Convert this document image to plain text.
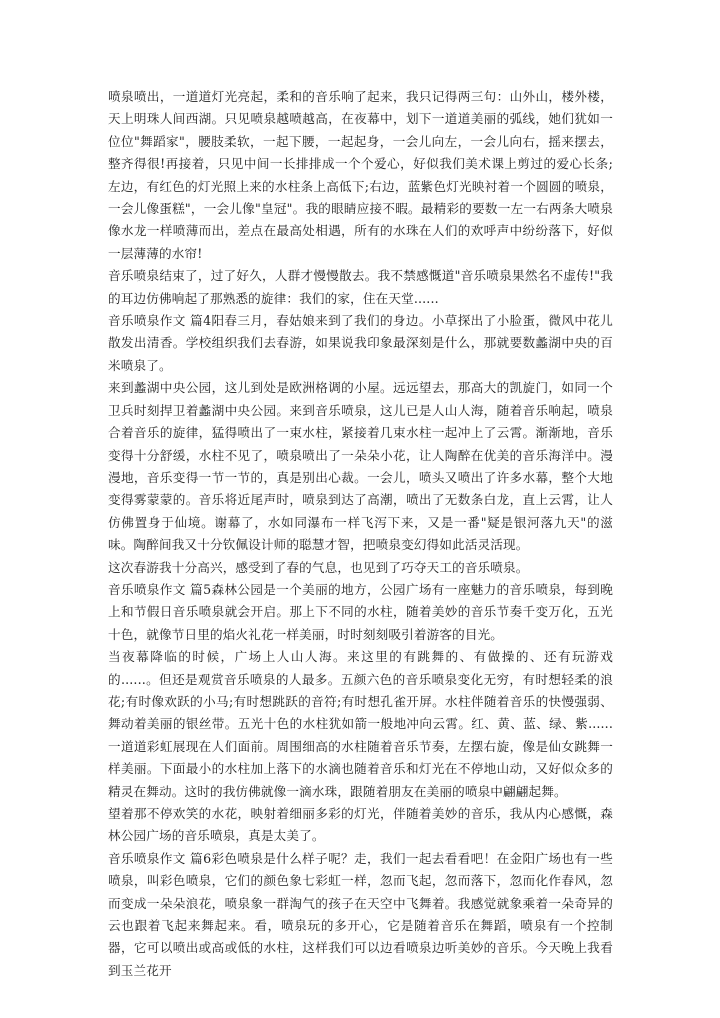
喷泉喷出，一道道灯光亮起，柔和的音乐响了起来，我只记得两三句：山外山，楼外楼，天上明珠人间西湖。只见喷泉越喷越高，在夜幕中，划下一道道美丽的弧线，她们犹如一位位"舞蹈家"，腰肢柔软，一起下腰，一起起身，一会儿向左，一会儿向右，摇来摆去，整齐得很!再接着，只见中间一长排排成一个个爱心，好似我们美术课上剪过的爱心长条;左边，有红色的灯光照上来的水柱条上高低下;右边，蓝紫色灯光映衬着一个圆圆的喷泉，一会儿像蛋糕"，一会儿像"皇冠"。我的眼睛应接不暇。最精彩的要数一左一右两条大喷泉像水龙一样喷薄而出，差点在最高处相遇，所有的水珠在人们的欢呼声中纷纷落下，好似一层薄薄的水帘!

音乐喷泉结束了，过了好久，人群才慢慢散去。我不禁感慨道"音乐喷泉果然名不虚传!"我的耳边仿佛响起了那熟悉的旋律：我们的家，住在天堂......

音乐喷泉作文 篇4阳春三月，春姑娘来到了我们的身边。小草探出了小脸蛋，微风中花儿散发出清香。学校组织我们去春游，如果说我印象最深刻是什么，那就要数蠡湖中央的百米喷泉了。

来到蠡湖中央公园，这儿到处是欧洲格调的小屋。远远望去，那高大的凯旋门，如同一个卫兵时刻捍卫着蠡湖中央公园。来到音乐喷泉，这儿已是人山人海，随着音乐响起，喷泉合着音乐的旋律，猛得喷出了一束水柱，紧接着几束水柱一起冲上了云霄。渐渐地，音乐变得十分舒缓，水柱不见了，喷泉喷出了一朵朵小花，让人陶醉在优美的音乐海洋中。漫漫地，音乐变得一节一节的，真是别出心裁。一会儿，喷头又喷出了许多水幕，整个大地变得雾蒙蒙的。音乐将近尾声时，喷泉到达了高潮，喷出了无数条白龙，直上云霄，让人仿佛置身于仙境。谢幕了，水如同瀑布一样飞泻下来，又是一番"疑是银河落九天"的滋味。陶醉间我又十分钦佩设计师的聪慧才智，把喷泉变幻得如此活灵活现。

这次春游我十分高兴，感受到了春的气息，也见到了巧夺天工的音乐喷泉。

音乐喷泉作文 篇5森林公园是一个美丽的地方，公园广场有一座魅力的音乐喷泉，每到晚上和节假日音乐喷泉就会开启。那上下不同的水柱，随着美妙的音乐节奏千变万化，五光十色，就像节日里的焰火礼花一样美丽，时时刻刻吸引着游客的目光。

当夜幕降临的时候，广场上人山人海。来这里的有跳舞的、有做操的、还有玩游戏的......。但还是观赏音乐喷泉的人最多。五颜六色的音乐喷泉变化无穷，有时想轻柔的浪花;有时像欢跃的小马;有时想跳跃的音符;有时想孔雀开屏。水柱伴随着音乐的快慢强弱、舞动着美丽的银丝带。五光十色的水柱犹如箭一般地冲向云霄。红、黄、蓝、绿、紫......一道道彩虹展现在人们面前。周围细高的水柱随着音乐节奏，左摆右旋，像是仙女跳舞一样美丽。下面最小的水柱加上落下的水滴也随着音乐和灯光在不停地山动，又好似众多的精灵在舞动。这时的我仿佛就像一滴水珠，跟随着朋友在美丽的喷泉中翩翩起舞。

望着那不停欢笑的水花，映射着细丽多彩的灯光，伴随着美妙的音乐，我从内心感慨，森林公园广场的音乐喷泉，真是太美了。

音乐喷泉作文 篇6彩色喷泉是什么样子呢？走，我们一起去看看吧！在金阳广场也有一些喷泉，叫彩色喷泉，它们的颜色象七彩虹一样，忽而飞起，忽而落下，忽而化作春风，忽而变成一朵朵浪花，喷泉象一群淘气的孩子在天空中飞舞着。我感觉就象乘着一朵奇异的云也跟着飞起来舞起来。看，喷泉玩的多开心，它是随着音乐在舞蹈，喷泉有一个控制器，它可以喷出或高或低的水柱，这样我们可以边看喷泉边听美妙的音乐。今天晚上我看到玉兰花开
